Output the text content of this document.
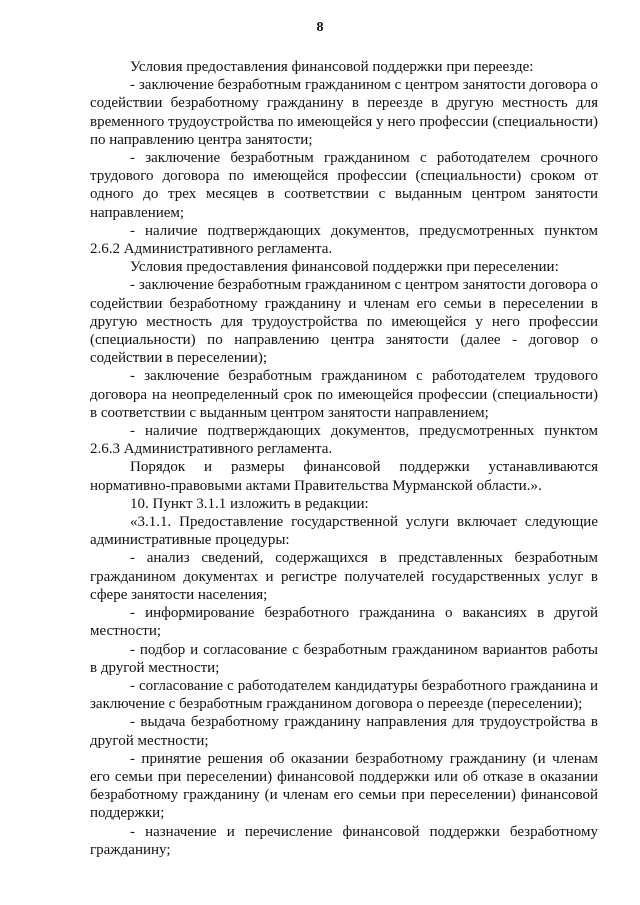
8

Условия предоставления финансовой поддержки при переезде:

- заключение безработным гражданином с центром занятости договора о содействии безработному гражданину в переезде в другую местность для временного трудоустройства по имеющейся у него профессии (специальности) по направлению центра занятости;

- заключение безработным гражданином с работодателем срочного трудового договора по имеющейся профессии (специальности) сроком от одного до трех месяцев в соответствии с выданным центром занятости направлением;

- наличие подтверждающих документов, предусмотренных пунктом 2.6.2 Административного регламента.

Условия предоставления финансовой поддержки при переселении:

- заключение безработным гражданином с центром занятости договора о содействии безработному гражданину и членам его семьи в переселении в другую местность для трудоустройства по имеющейся у него профессии (специальности) по направлению центра занятости (далее - договор о содействии в переселении);

- заключение безработным гражданином с работодателем трудового договора на неопределенный срок по имеющейся профессии (специальности) в соответствии с выданным центром занятости направлением;

- наличие подтверждающих документов, предусмотренных пунктом 2.6.3 Административного регламента.

Порядок и размеры финансовой поддержки устанавливаются нормативно-правовыми актами Правительства Мурманской области.».

10. Пункт 3.1.1 изложить в редакции:

«3.1.1. Предоставление государственной услуги включает следующие административные процедуры:

- анализ сведений, содержащихся в представленных безработным гражданином документах и регистре получателей государственных услуг в сфере занятости населения;

- информирование безработного гражданина о вакансиях в другой местности;

- подбор и согласование с безработным гражданином вариантов работы в другой местности;

- согласование с работодателем кандидатуры безработного гражданина и заключение с безработным гражданином договора о переезде (переселении);

- выдача безработному гражданину направления для трудоустройства в другой местности;

- принятие решения об оказании безработному гражданину (и членам его семьи при переселении) финансовой поддержки или об отказе в оказании безработному гражданину (и членам его семьи при переселении) финансовой поддержки;

- назначение и перечисление финансовой поддержки безработному гражданину;
